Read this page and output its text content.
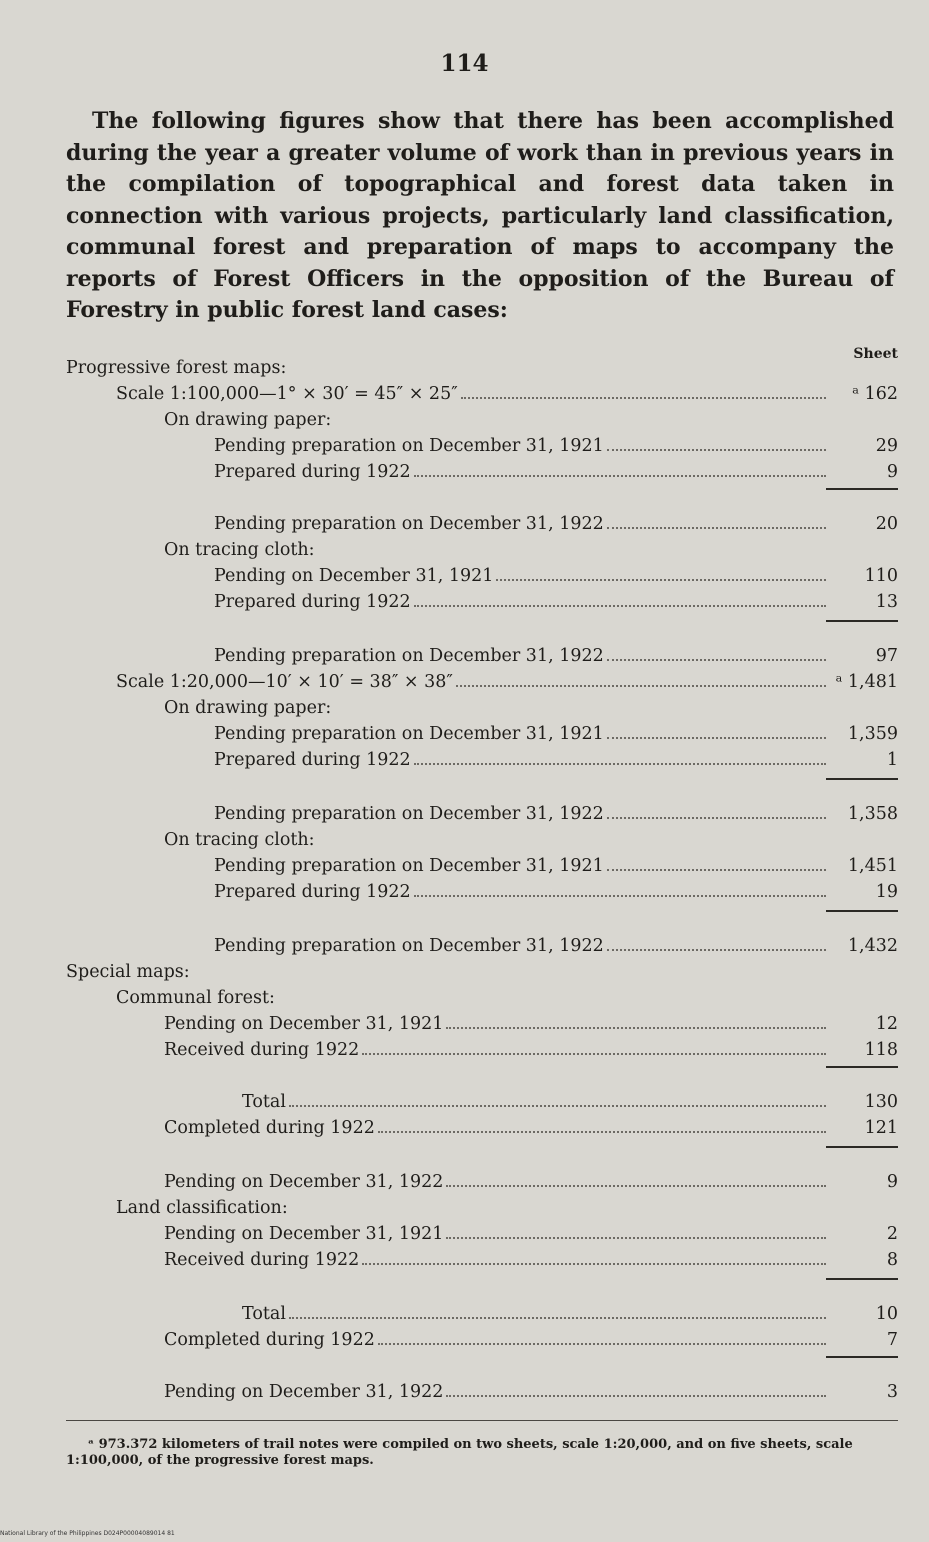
114

The following figures show that there has been accomplished during the year a greater volume of work than in previous years in the compilation of topographical and forest data taken in connection with various projects, particularly land classification, communal forest and preparation of maps to accompany the reports of Forest Officers in the opposition of the Bureau of Forestry in public forest land cases:

Sheet
Progressive forest maps:
Scale 1:100,000—1° × 30′ = 45″ × 25″	ᵃ 162
On drawing paper:
Pending preparation on December 31, 1921	29
Prepared during 1922	9
Pending preparation on December 31, 1922	20
On tracing cloth:
Pending on December 31, 1921	110
Prepared during 1922	13
Pending preparation on December 31, 1922	97
Scale 1:20,000—10′ × 10′ = 38″ × 38″	ᵃ 1,481
On drawing paper:
Pending preparation on December 31, 1921	1,359
Prepared during 1922	1
Pending preparation on December 31, 1922	1,358
On tracing cloth:
Pending preparation on December 31, 1921	1,451
Prepared during 1922	19
Pending preparation on December 31, 1922	1,432
Special maps:
Communal forest:
Pending on December 31, 1921	12
Received during 1922	118
Total	130
Completed during 1922	121
Pending on December 31, 1922	9
Land classification:
Pending on December 31, 1921	2
Received during 1922	8
Total	10
Completed during 1922	7
Pending on December 31, 1922	3

ᵃ 973.372 kilometers of trail notes were compiled on two sheets, scale 1:20,000, and on five sheets, scale 1:100,000, of the progressive forest maps.

National Library of the Philippines D024P00004089014 81
